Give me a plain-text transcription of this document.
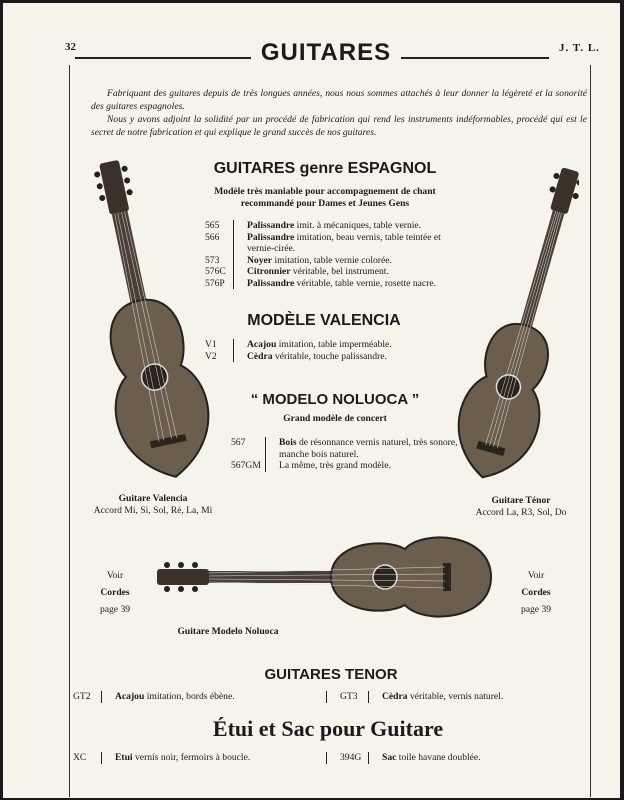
32	GUITARES	J. T. L.

Fabriquant des guitares depuis de très longues années, nous nous sommes attachés à leur donner la légèreté et la sonorité des guitares espagnoles.

Nous y avons adjoint la solidité par un procédé de fabrication qui rend les instruments indéformables, procédé qui est le secret de notre fabrication et qui explique le grand succès de nos guitares.

GUITARES genre ESPAGNOL
Modèle très maniable pour accompagnement de chant
recommandé pour Dames et Jeunes Gens
565	Palissandre imit. à mécaniques, table vernie.
566	Palissandre imitation, beau vernis, table teintée et vernie-cirée.
573	Noyer imitation, table vernie colorée.
576C	Citronnier véritable, bel instrument.
576P	Palissandre véritable, table vernie, rosette nacre.
MODÈLE VALENCIA
V1	Acajou imitation, table imperméable.
V2	Cèdra véritable, touche palissandre.
“ MODELO NOLUOCA ”
Grand modèle de concert
567	Bois de résonnance vernis naturel, très sonore, manche bois naturel.
567GM	La même, très grand modèle.
Guitare Valencia
Accord Mi, Si, Sol, Ré, La, Mi
Guitare Ténor
Accord La, R3, Sol, Do
Voir
Cordes
page 39
Voir
Cordes
page 39
Guitare Modelo Noluoca
GUITARES TENOR
GT2	Acajou imitation, bords ébène.	GT3	Cèdra véritable, vernis naturel.
Étui et Sac pour Guitare
XC	Etui vernis noir, fermoirs à boucle.	394G	Sac toile havane doublée.
